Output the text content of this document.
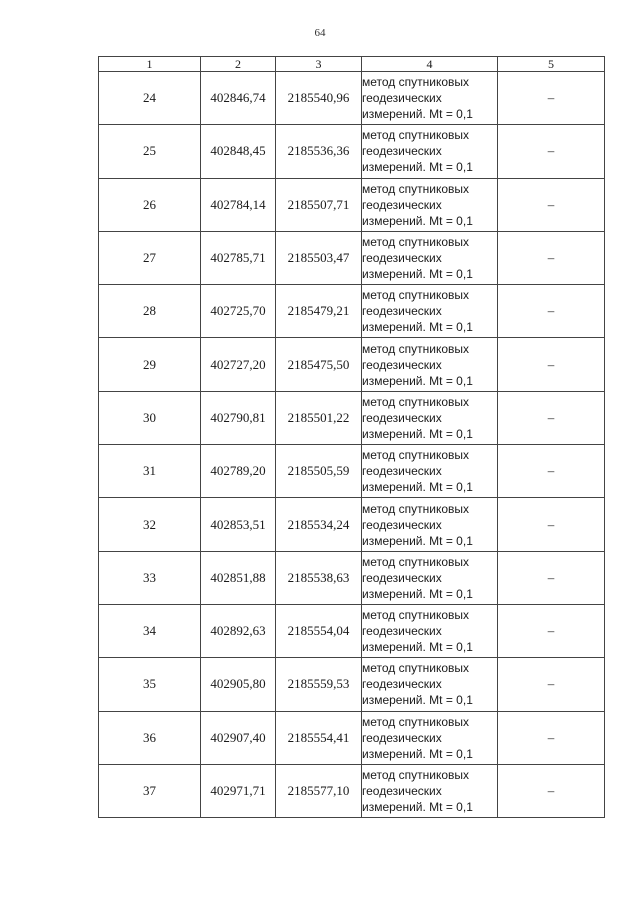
64
1	2	3	4	5
24	402846,74	2185540,96	метод спутниковых
геодезических
измерений. Mt = 0,1	–
25	402848,45	2185536,36	метод спутниковых
геодезических
измерений. Mt = 0,1	–
26	402784,14	2185507,71	метод спутниковых
геодезических
измерений. Mt = 0,1	–
27	402785,71	2185503,47	метод спутниковых
геодезических
измерений. Mt = 0,1	–
28	402725,70	2185479,21	метод спутниковых
геодезических
измерений. Mt = 0,1	–
29	402727,20	2185475,50	метод спутниковых
геодезических
измерений. Mt = 0,1	–
30	402790,81	2185501,22	метод спутниковых
геодезических
измерений. Mt = 0,1	–
31	402789,20	2185505,59	метод спутниковых
геодезических
измерений. Mt = 0,1	–
32	402853,51	2185534,24	метод спутниковых
геодезических
измерений. Mt = 0,1	–
33	402851,88	2185538,63	метод спутниковых
геодезических
измерений. Mt = 0,1	–
34	402892,63	2185554,04	метод спутниковых
геодезических
измерений. Mt = 0,1	–
35	402905,80	2185559,53	метод спутниковых
геодезических
измерений. Mt = 0,1	–
36	402907,40	2185554,41	метод спутниковых
геодезических
измерений. Mt = 0,1	–
37	402971,71	2185577,10	метод спутниковых
геодезических
измерений. Mt = 0,1	–
